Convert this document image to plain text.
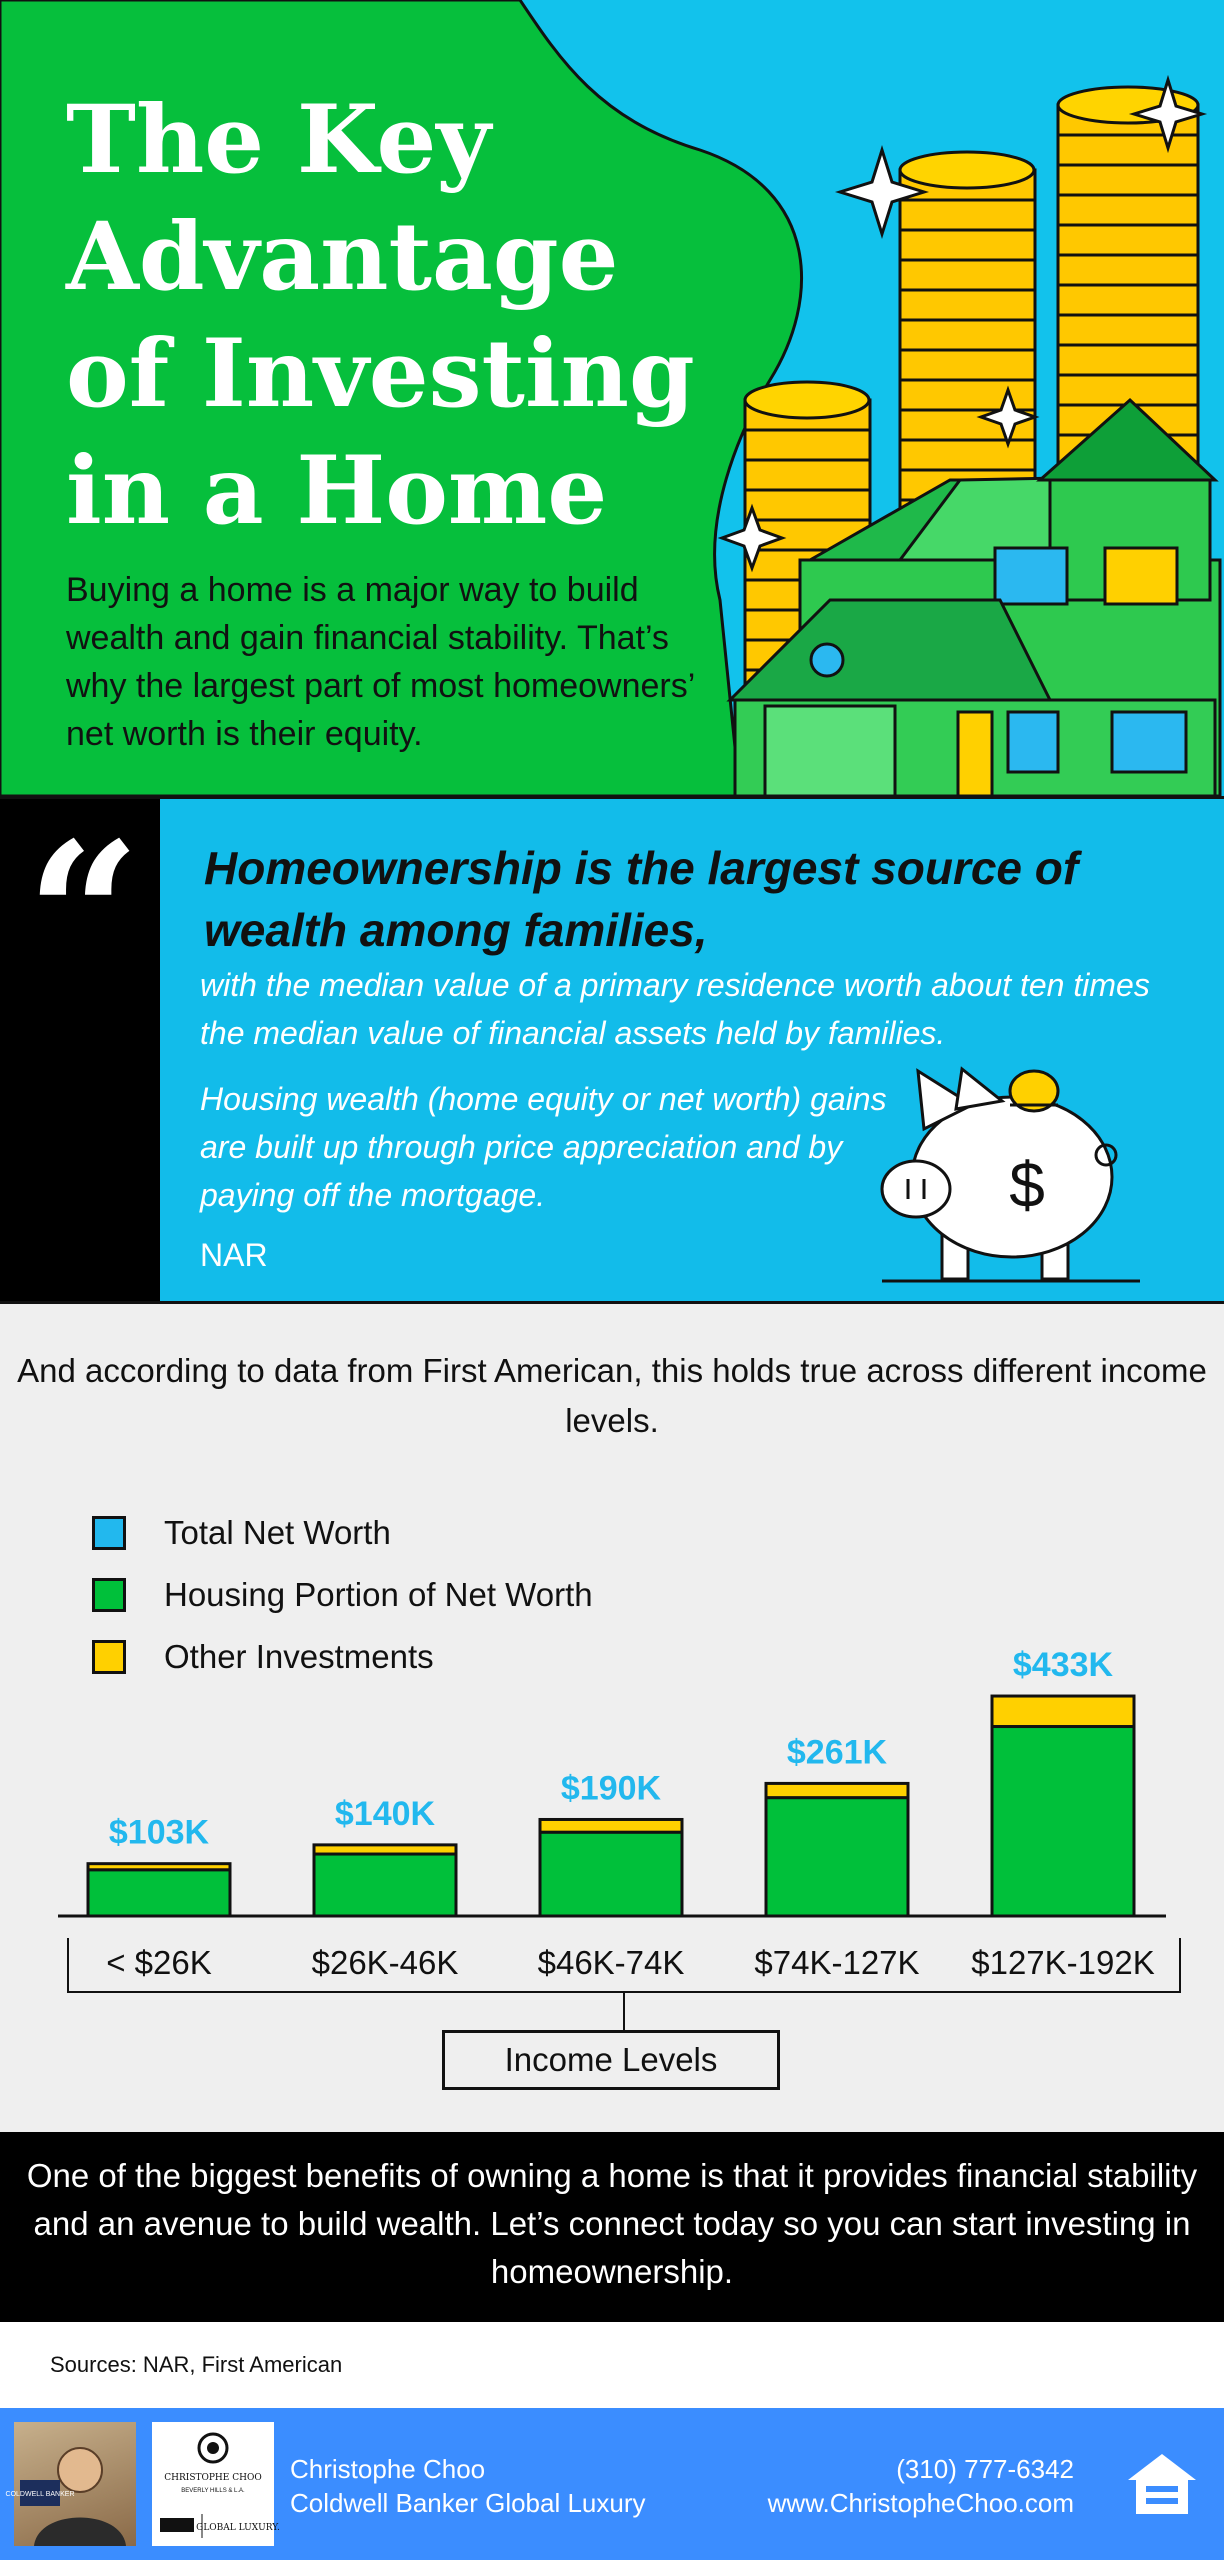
The Key
Advantage
of Investing
in a Home

Buying a home is a major way to build wealth and gain financial stability. That’s why the largest part of most homeowners’ net worth is their equity.

“ Homeownership is the largest source of wealth among families,

with the median value of a primary residence worth about ten times the median value of financial assets held by families.

Housing wealth (home equity or net worth) gains are built up through price appreciation and by paying off the mortgage.

NAR
$

And according to data from First American, this holds true across different income levels.

$103K
< $26K
$140K
$26K-46K
$190K
$46K-74K
$261K
$74K-127K
$433K
$127K-192K
Total Net Worth
Housing Portion of Net Worth
Other Investments
Income Levels

One of the biggest benefits of owning a home is that it provides financial stability and an avenue to build wealth. Let’s connect today so you can start investing in homeownership.

Sources: NAR, First American
COLDWELL BANKER
CHRISTOPHE CHOO
BEVERLY HILLS & L.A.
GLOBAL LUXURY.
Christophe Choo
Coldwell Banker Global Luxury
(310) 777-6342
www.ChristopheChoo.com
